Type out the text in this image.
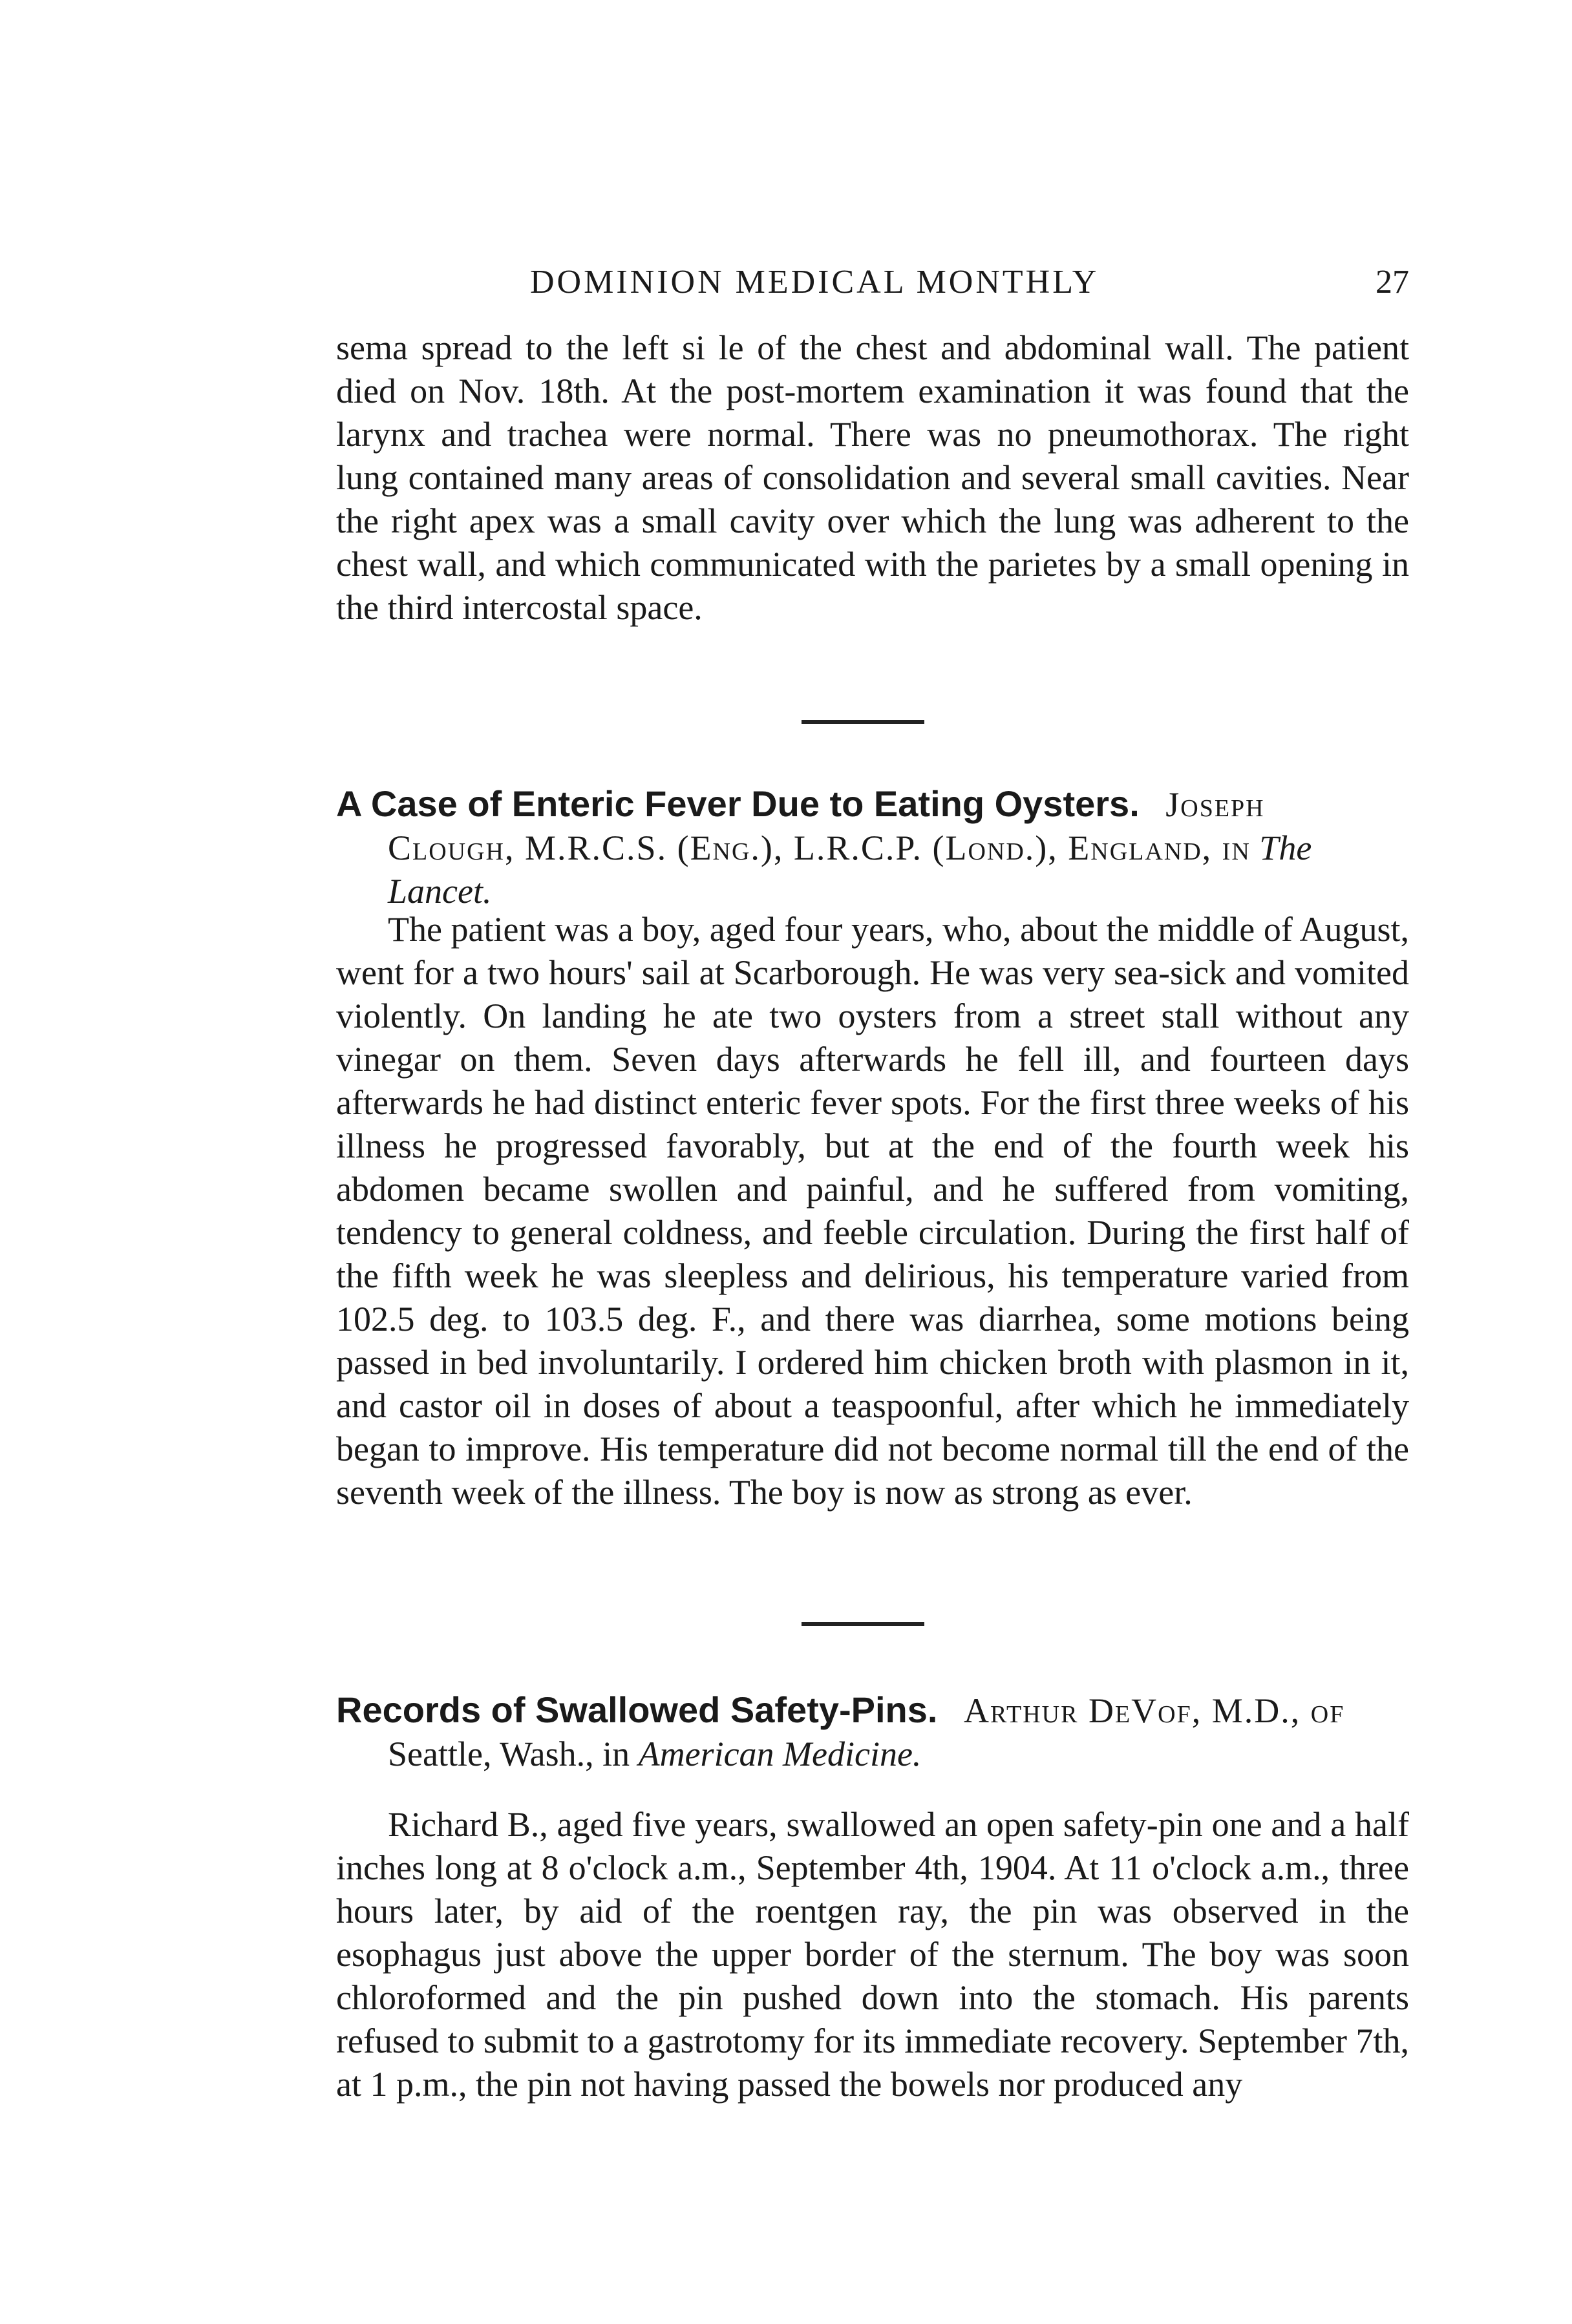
DOMINION MEDICAL MONTHLY	27

sema spread to the left si le of the chest and abdominal wall. The patient died on Nov. 18th. At the post-mortem examination it was found that the larynx and trachea were normal. There was no pneumothorax. The right lung contained many areas of consolidation and several small cavities. Near the right apex was a small cavity over which the lung was adherent to the chest wall, and which communicated with the parietes by a small opening in the third intercostal space.

A Case of Enteric Fever Due to Eating Oysters. Joseph
Clough, M.R.C.S. (Eng.), L.R.C.P. (Lond.), England, in The
Lancet.

The patient was a boy, aged four years, who, about the middle of August, went for a two hours' sail at Scarborough. He was very sea-sick and vomited violently. On landing he ate two oysters from a street stall without any vinegar on them. Seven days afterwards he fell ill, and fourteen days afterwards he had distinct enteric fever spots. For the first three weeks of his illness he progressed favorably, but at the end of the fourth week his abdomen became swollen and painful, and he suffered from vomiting, tendency to general coldness, and feeble circulation. During the first half of the fifth week he was sleepless and delirious, his temperature varied from 102.5 deg. to 103.5 deg. F., and there was diarrhea, some motions being passed in bed involuntarily. I ordered him chicken broth with plasmon in it, and castor oil in doses of about a teaspoonful, after which he immediately began to improve. His temperature did not become normal till the end of the seventh week of the illness. The boy is now as strong as ever.

Records of Swallowed Safety-Pins. Arthur DeVof, M.D., of
Seattle, Wash., in American Medicine.

Richard B., aged five years, swallowed an open safety-pin one and a half inches long at 8 o'clock a.m., September 4th, 1904. At 11 o'clock a.m., three hours later, by aid of the roentgen ray, the pin was observed in the esophagus just above the upper border of the sternum. The boy was soon chloroformed and the pin pushed down into the stomach. His parents refused to submit to a gastrotomy for its immediate recovery. September 7th, at 1 p.m., the pin not having passed the bowels nor produced any
